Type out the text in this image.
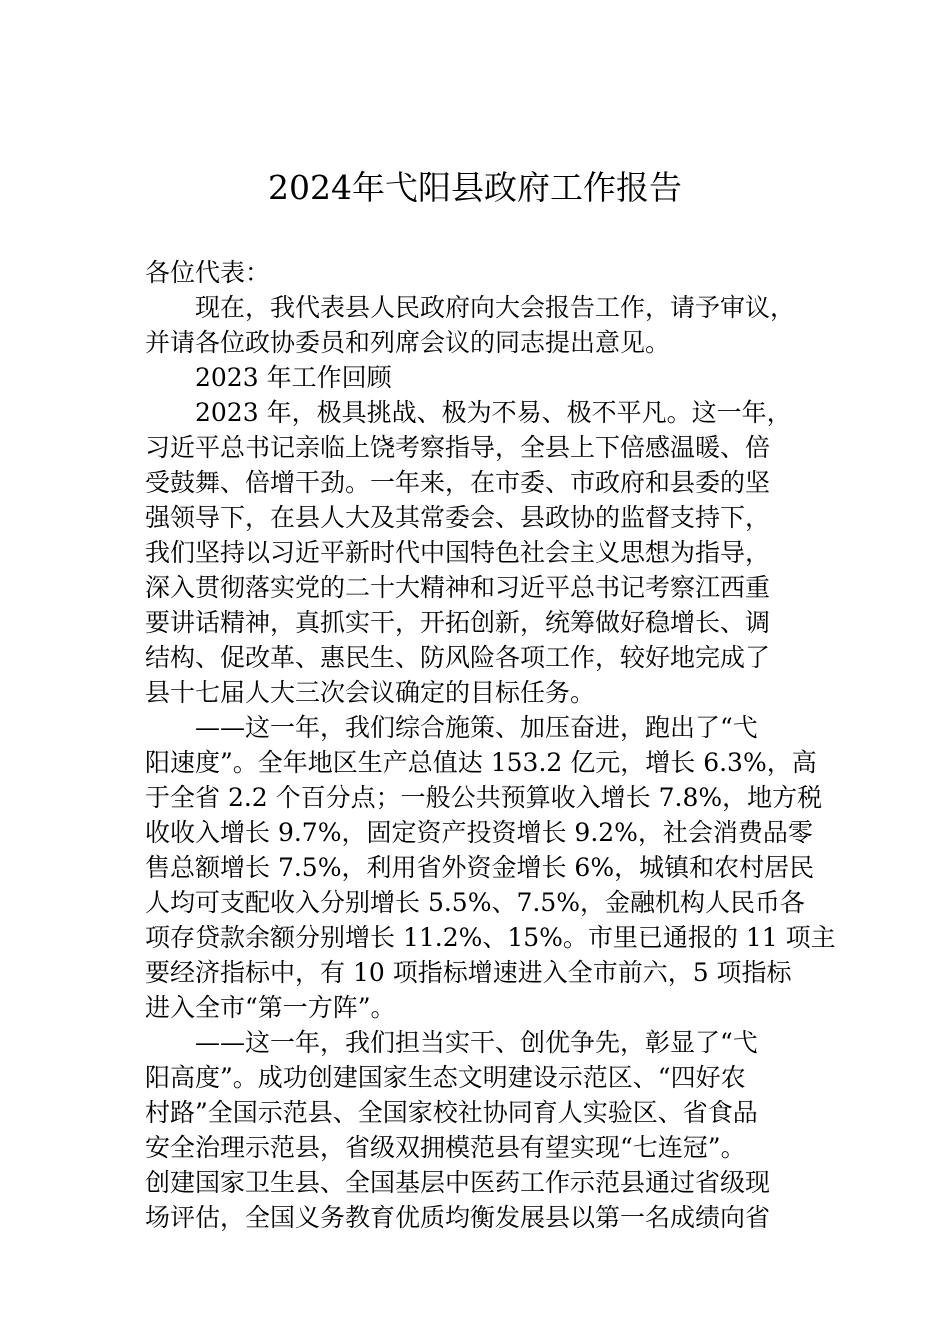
2024年弋阳县政府工作报告
各位代表：
现在，我代表县人民政府向大会报告工作，请予审议，
并请各位政协委员和列席会议的同志提出意见。
2023 年工作回顾
2023 年，极具挑战、极为不易、极不平凡。这一年，
习近平总书记亲临上饶考察指导，全县上下倍感温暖、倍
受鼓舞、倍增干劲。一年来，在市委、市政府和县委的坚
强领导下，在县人大及其常委会、县政协的监督支持下，
我们坚持以习近平新时代中国特色社会主义思想为指导，
深入贯彻落实党的二十大精神和习近平总书记考察江西重
要讲话精神，真抓实干，开拓创新，统筹做好稳增长、调
结构、促改革、惠民生、防风险各项工作，较好地完成了
县十七届人大三次会议确定的目标任务。
——这一年，我们综合施策、加压奋进，跑出了“弋
阳速度”。全年地区生产总值达 153.2 亿元，增长 6.3%，高
于全省 2.2 个百分点；一般公共预算收入增长 7.8%，地方税
收收入增长 9.7%，固定资产投资增长 9.2%，社会消费品零
售总额增长 7.5%，利用省外资金增长 6%，城镇和农村居民
人均可支配收入分别增长 5.5%、7.5%，金融机构人民币各
项存贷款余额分别增长 11.2%、15%。市里已通报的 11 项主
要经济指标中，有 10 项指标增速进入全市前六，5 项指标
进入全市“第一方阵”。
——这一年，我们担当实干、创优争先，彰显了“弋
阳高度”。成功创建国家生态文明建设示范区、“四好农
村路”全国示范县、全国家校社协同育人实验区、省食品
安全治理示范县，省级双拥模范县有望实现“七连冠”。
创建国家卫生县、全国基层中医药工作示范县通过省级现
场评估，全国义务教育优质均衡发展县以第一名成绩向省
